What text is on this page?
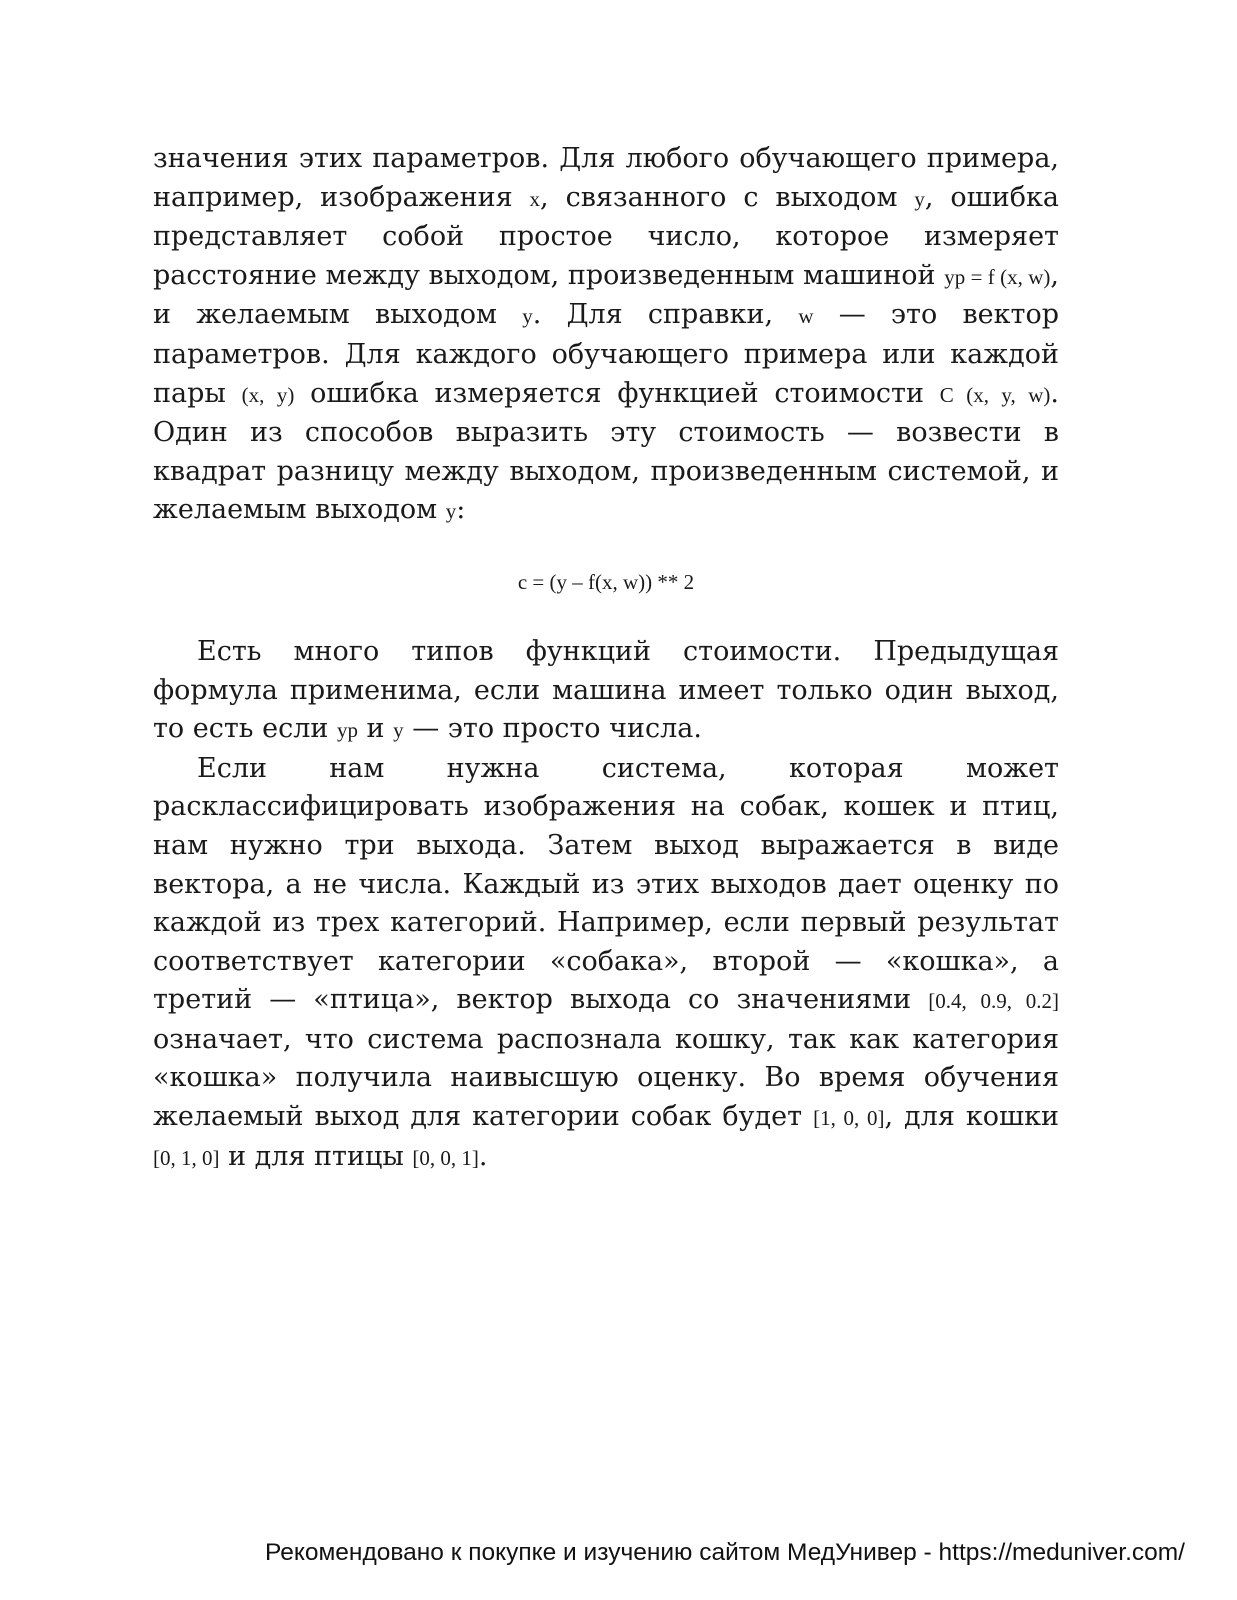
значения этих параметров. Для любого обучающего примера, например, изображения x, связанного с выходом y, ошибка представляет собой простое число, которое измеряет расстояние между выходом, произведенным машиной yp = f (x, w), и желаемым выходом y. Для справки, w — это вектор параметров. Для каждого обучающего примера или каждой пары (x, y) ошибка измеряется функцией стоимости C (x, y, w). Один из способов выразить эту стоимость — возвести в квадрат разницу между выходом, произведенным системой, и желаемым выходом y:

c = (y – f(x, w)) ** 2

Есть много типов функций стоимости. Предыдущая формула применима, если машина имеет только один выход, то есть если yp и y — это просто числа.

Если нам нужна система, которая может расклассифицировать изображения на собак, кошек и птиц, нам нужно три выхода. Затем выход выражается в виде вектора, а не числа. Каждый из этих выходов дает оценку по каждой из трех категорий. Например, если первый результат соответствует категории «собака», второй — «кошка», а третий — «птица», вектор выхода со значениями [0.4, 0.9, 0.2] означает, что система распознала кошку, так как категория «кошка» получила наивысшую оценку. Во время обучения желаемый выход для категории собак будет [1, 0, 0], для кошки [0, 1, 0] и для птицы [0, 0, 1].

Рекомендовано к покупке и изучению сайтом МедУнивер - https://meduniver.com/
